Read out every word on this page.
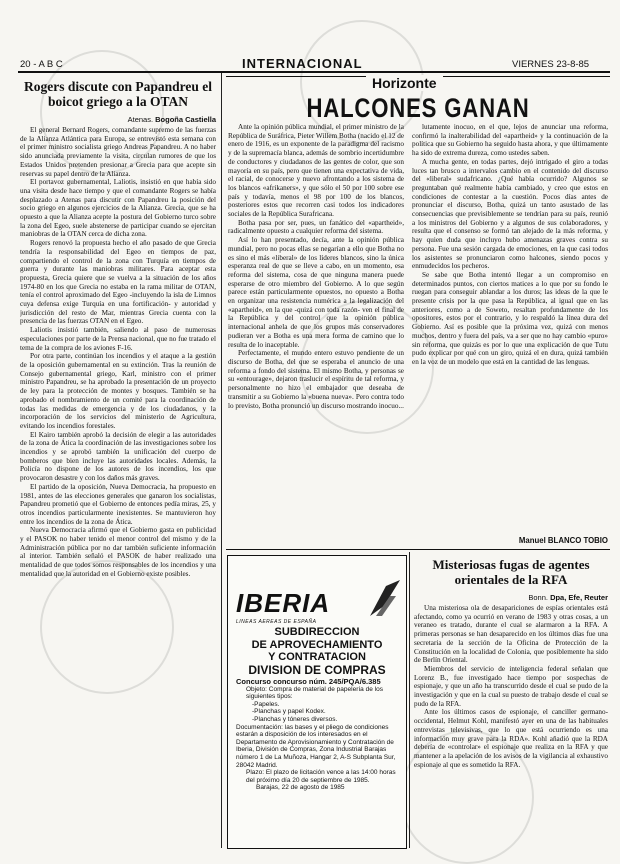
20 - A B C	INTERNACIONAL	VIERNES 23-8-85
Rogers discute con Papandreu el boicot griego a la OTAN
Atenas. Bogoña Castiella

El general Bernard Rogers, comandante supremo de las fuerzas de la Alianza Atlántica para Europa, se entrevistó esta semana con el primer ministro socialista griego Andreas Papandreu. A no haber sido anunciada previamente la visita, circulan rumores de que los Estados Unidos pretenden presionar a Grecia para que acepte sin reservas su papel dentro de la Alianza.

El portavoz gubernamental, Laliotis, insistió en que había sido una visita desde hace tiempo y que el comandante Rogers se había desplazado a Atenas para discutir con Papandreu la posición del socio griego en algunos ejercicios de la Alianza. Grecia, que se ha opuesto a que la Alianza acepte la postura del Gobierno turco sobre la zona del Egeo, suele abstenerse de participar cuando se ejercitan maniobras de la OTAN cerca de dicha zona.

Rogers renovó la propuesta hecho el año pasado de que Grecia tendría la responsabilidad del Egeo en tiempos de paz, compartiendo el control de la zona con Turquía en tiempos de guerra y durante las maniobras militares. Para aceptar esta propuesta, Grecia quiere que se vuelva a la situación de los años 1974-80 en los que Grecia no estaba en la rama militar de OTAN, tenía el control aproximado del Egeo -incluyendo la isla de Limnos cuya defensa exige Turquía en una fortificación- y autoridad y jurisdicción del resto de Mar, mientras Grecia cuenta con la presencia de las fuerzas OTAN en el Egeo.

Laliotis insistió también, saliendo al paso de numerosas especulaciones por parte de la Prensa nacional, que no fue tratado el tema de la compra de los aviones F-16.

Por otra parte, continúan los incendios y el ataque a la gestión de la oposición gubernamental en su extinción. Tras la reunión de Consejo gubernamental griego, Karl, ministro con el primer ministro Papandreu, se ha aprobado la presentación de un proyecto de ley para la protección de montes y bosques. También se ha aprobado el nombramiento de un comité para la coordinación de todas las medidas de emergencia y de los ciudadanos, y la incorporación de los servicios del ministerio de Agricultura, evitando los incendios forestales.

El Kairo también aprobó la decisión de elegir a las autoridades de la zona de Ática la coordinación de las investigaciones sobre los incendios y se aprobó también la unificación del cuerpo de bomberos que bien incluye las autoridades locales. Además, la Policía no dispone de los autores de los incendios, los que provocaron desastre y con los daños más graves.

El partido de la oposición, Nueva Democracia, ha propuesto en 1981, antes de las elecciones generales que ganaron los socialistas, Papandreu prometió que el Gobierno de entonces pedía miras, 25, y otros incendios particularmente inexistentes. Se mantuvieron hoy entre los incendios de la zona de Ática.

Nueva Democracia afirmó que el Gobierno gasta en publicidad y el PASOK no haber tenido el menor control del mismo y de la Administración pública por no dar también suficiente información al interior. También señaló el PASOK de haber realizado una mentalidad de que todos somos responsables de los incendios y una mentalidad que la autoridad en el Gobierno existe posibles.

Horizonte
HALCONES GANAN

Ante la opinión pública mundial, el primer ministro de la República de Suráfrica, Pieter Willem Botha (nacido el 12 de enero de 1916, es un exponente de la paradigma del racismo y de la supremacía blanca, además de sombrio incertidumbre de conductores y ciudadanos de las gentes de color, que son mayoría en su país, pero que tienen una expectativa de vida, el racial, de conocerse y nuevo afrontando a los sistema de los blancos «afrikaners», y que sólo el 50 por 100 sobre ese país y todavía, menos el 98 por 100 de los blancos, posteriores estos que recorren casi todos los indicadores sociales de la República Surafricana.

Botha pasa por ser, pues, un fanático del «apartheid», radicalmente opuesto a cualquier reforma del sistema.

Así lo han presentado, decía, ante la opinión pública mundial, pero no pocas ellas se negarían a ello que Botha no es sino el más «liberal» de los líderes blancos, sino la única esperanza real de que se lleve a cabo, en un momento, esa reforma del sistema, cosa de que ninguna manera puede esperarse de otro miembro del Gobierno. A lo que según parece están particularmente opuestos, no opuesto a Botha en organizar una resistencia numérica a la legalización del «apartheid», en la que -quizá con toda razón- ven el final de la República y del control que la opinión pública internacional anhela de que los grupos más conservadores pudieran ver a Botha es una mera forma de camino que lo resulta de lo inaceptable.

Perfectamente, el mundo entero estuvo pendiente de un discurso de Botha, del que se esperaba el anuncio de una reforma a fondo del sistema. El mismo Botha, y personas se su «entourage», dejaron traslucir el espíritu de tal reforma, y personalmente no hizo el embajador que deseaba de transmitir a su Gobierno la «buena nueva». Pero contra todo lo previsto, Botha pronunció un discurso mostrando inocuo...

lutamente inocuo, en el que, lejos de anunciar una reforma, confirmó la inalterabilidad del «apartheid» y la continuación de la política que su Gobierno ha seguido hasta ahora, y que últimamente ha sido de extrema dureza, como ustedes saben.

A mucha gente, en todas partes, dejó intrigado el giro a todas luces tan brusco a intervalos cambio en el contenido del discurso del «liberal» sudafricano. ¿Qué había ocurrido? Algunos se preguntaban qué realmente había cambiado, y creo que estos en condiciones de contestar a la cuestión. Pocos días antes de pronunciar el discurso, Botha, quizá un tanto asustado de las consecuencias que previsiblemente se tendrían para su país, reunió a los ministros del Gobierno y a algunos de sus colaboradores, y resulta que el consenso se formó tan alejado de la más reforma, y hay quien duda que incluyo hubo amenazas graves contra su persona. Fue una sesión cargada de emociones, en la que casi todos los asistentes se pronunciaron como halcones, siendo pocos y enmudecidos los pecheros.

Se sabe que Botha intentó llegar a un compromiso en determinados puntos, con ciertos matices a lo que por su fondo le ruegan para conseguir ablandar a los duros; las ideas de la que le presente crisis por la que pasa la República, al igual que en las anteriores, como a de Soweto, resaltan profundamente de los opositores, estos por el contrario, y lo respaldó la línea dura del Gobierno. Así es posible que la próxima vez, quizá con menos muchos, dentro y fuera del país, va a ser que no hay cambio «puro» sin reforma, que quizás es por lo que una explicación de que Tutu pudo explicar por qué con un giro, quizá el en dura, quizá también en la voz de un modelo que está en la cantidad de las lenguas.

Manuel BLANCO TOBIO
IBERIA
LINEAS AEREAS DE ESPAÑA
SUBDIRECCION
DE APROVECHAMIENTO
Y CONTRATACION
DIVISION DE COMPRAS
Concurso concurso núm. 245/PQA/6.385
Objeto: Compra de material de papelería de los siguientes tipos:
-Papeles.
-Planchas y papel Kodex.
-Planchas y tóneres diversos.
Documentación: las bases y el pliego de condiciones estarán a disposición de los interesados en el Departamento de Aprovisionamiento y Contratación de Iberia, División de Compras, Zona Industrial Barajas número 1 de La Muñoza, Hangar 2, A-S Subplanta Sur, 28042 Madrid.
Plazo: El plazo de licitación vence a las 14:00 horas del próximo día 20 de septiembre de 1985.
Barajas, 22 de agosto de 1985
Misteriosas fugas de agentes orientales de la RFA
Bonn. Dpa, Efe, Reuter

Una misteriosa ola de desapariciones de espías orientales está afectando, como ya ocurrió en verano de 1983 y otras cosas, a un veraneo es tratado, durante el cual se alarmaron a la RFA. A primeras personas se han desaparecido en los últimos días fue una secretaria de la sección de la Oficina de Protección de la Constitución en la localidad de Colonia, que posiblemente ha sido de Berlín Oriental.

Miembros del servicio de inteligencia federal señalan que Lorenz B., fue investigado hace tiempo por sospechas de espionaje, y que un año ha transcurrido desde el cual se pudo de la investigación y que en la cual su puesto de trabajo desde el cual se pudo de la RFA.

Ante los últimos casos de espionaje, el canciller germano-occidental, Helmut Kohl, manifestó ayer en una de las habituales entrevistas televisivas, que lo que está ocurriendo es una información muy grave para la RDA». Kohl añadió que la RDA debería de «controlar» el espionaje que realiza en la RFA y que mantener a la apelación de los avisos de la vigilancia al exhaustivo espionaje al que es sometido la RFA.
